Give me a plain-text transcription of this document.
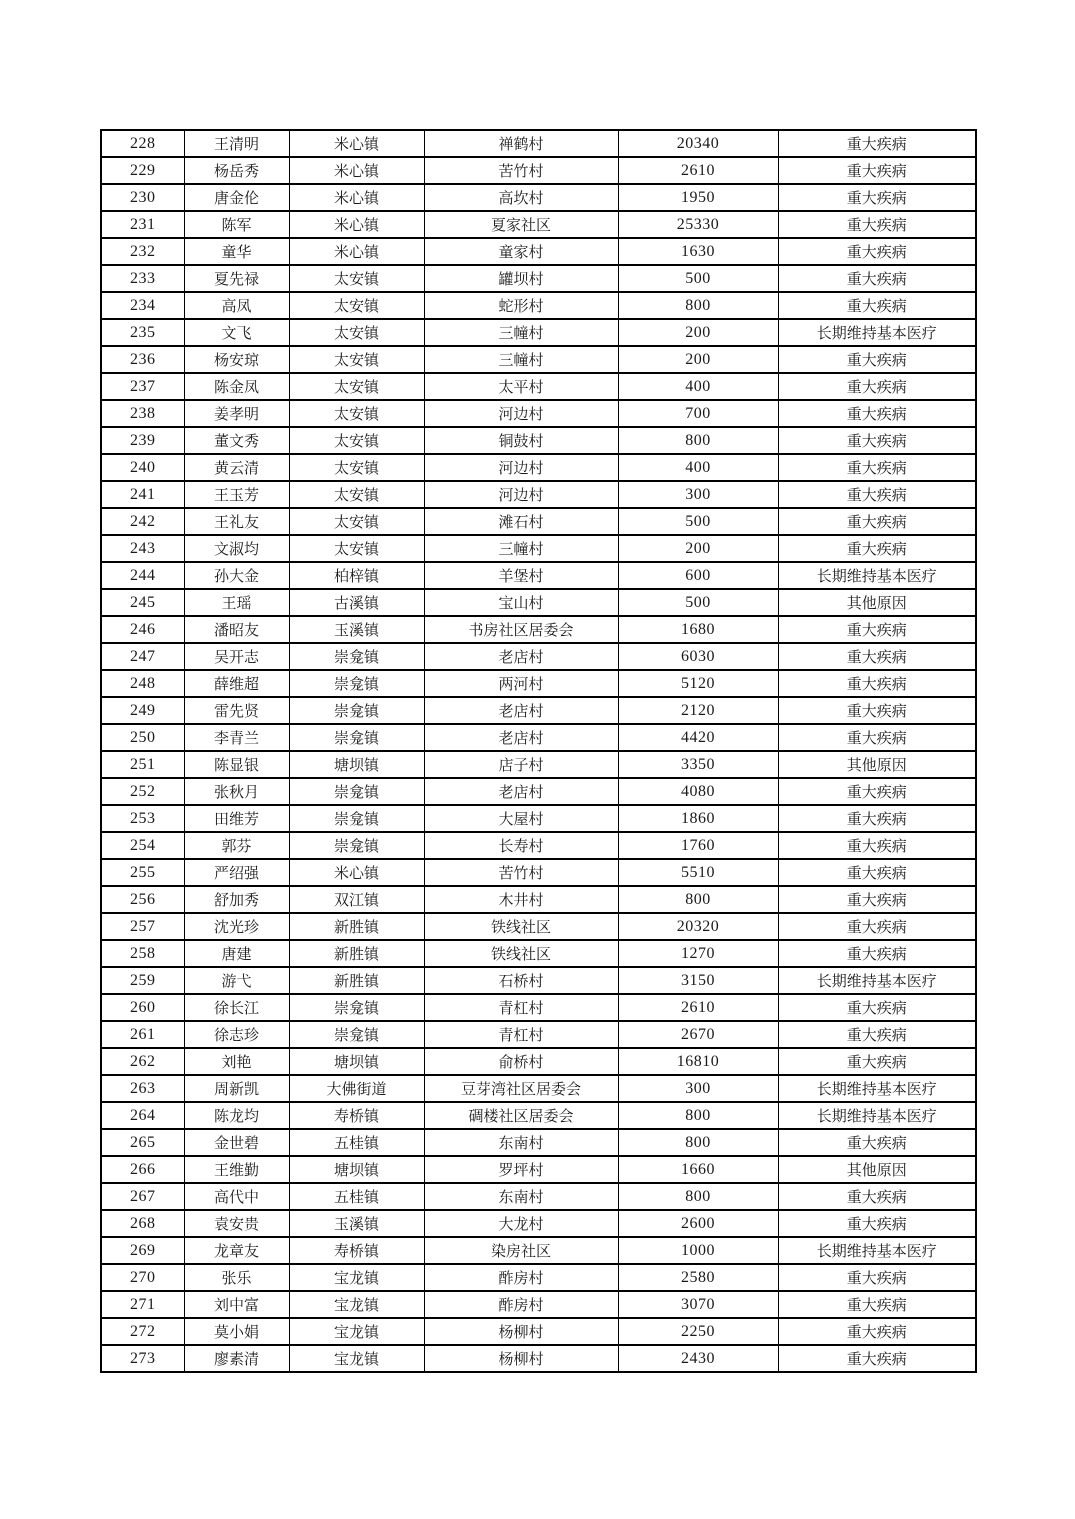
228	王清明	米心镇	禅鹤村	20340	重大疾病
229	杨岳秀	米心镇	苦竹村	2610	重大疾病
230	唐金伦	米心镇	高坎村	1950	重大疾病
231	陈军	米心镇	夏家社区	25330	重大疾病
232	童华	米心镇	童家村	1630	重大疾病
233	夏先禄	太安镇	罐坝村	500	重大疾病
234	高凤	太安镇	蛇形村	800	重大疾病
235	文飞	太安镇	三幢村	200	长期维持基本医疗
236	杨安琼	太安镇	三幢村	200	重大疾病
237	陈金凤	太安镇	太平村	400	重大疾病
238	姜孝明	太安镇	河边村	700	重大疾病
239	董文秀	太安镇	铜鼓村	800	重大疾病
240	黄云清	太安镇	河边村	400	重大疾病
241	王玉芳	太安镇	河边村	300	重大疾病
242	王礼友	太安镇	滩石村	500	重大疾病
243	文淑均	太安镇	三幢村	200	重大疾病
244	孙大金	柏梓镇	羊堡村	600	长期维持基本医疗
245	王瑶	古溪镇	宝山村	500	其他原因
246	潘昭友	玉溪镇	书房社区居委会	1680	重大疾病
247	吴开志	崇龛镇	老店村	6030	重大疾病
248	薛维超	崇龛镇	两河村	5120	重大疾病
249	雷先贤	崇龛镇	老店村	2120	重大疾病
250	李青兰	崇龛镇	老店村	4420	重大疾病
251	陈显银	塘坝镇	店子村	3350	其他原因
252	张秋月	崇龛镇	老店村	4080	重大疾病
253	田维芳	崇龛镇	大屋村	1860	重大疾病
254	郭芬	崇龛镇	长寿村	1760	重大疾病
255	严绍强	米心镇	苦竹村	5510	重大疾病
256	舒加秀	双江镇	木井村	800	重大疾病
257	沈光珍	新胜镇	铁线社区	20320	重大疾病
258	唐建	新胜镇	铁线社区	1270	重大疾病
259	游弋	新胜镇	石桥村	3150	长期维持基本医疗
260	徐长江	崇龛镇	青杠村	2610	重大疾病
261	徐志珍	崇龛镇	青杠村	2670	重大疾病
262	刘艳	塘坝镇	俞桥村	16810	重大疾病
263	周新凯	大佛街道	豆芽湾社区居委会	300	长期维持基本医疗
264	陈龙均	寿桥镇	碉楼社区居委会	800	长期维持基本医疗
265	金世碧	五桂镇	东南村	800	重大疾病
266	王维勤	塘坝镇	罗坪村	1660	其他原因
267	高代中	五桂镇	东南村	800	重大疾病
268	袁安贵	玉溪镇	大龙村	2600	重大疾病
269	龙章友	寿桥镇	染房社区	1000	长期维持基本医疗
270	张乐	宝龙镇	酢房村	2580	重大疾病
271	刘中富	宝龙镇	酢房村	3070	重大疾病
272	莫小娟	宝龙镇	杨柳村	2250	重大疾病
273	廖素清	宝龙镇	杨柳村	2430	重大疾病
